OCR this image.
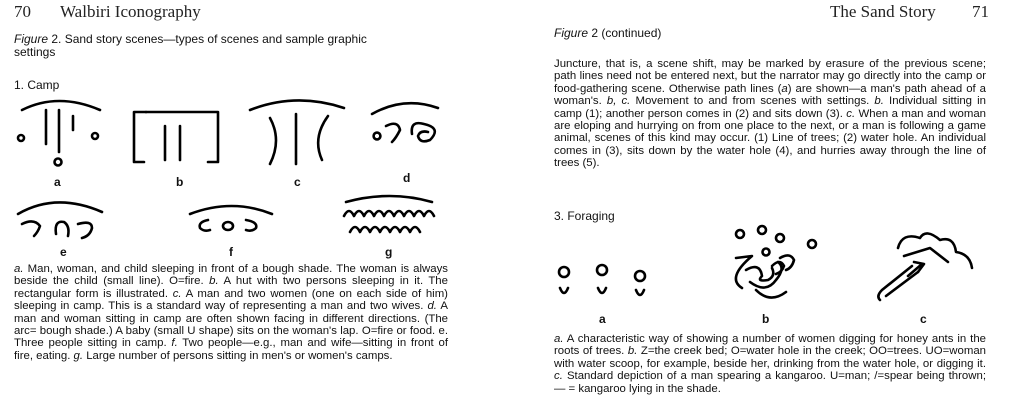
70 Walbiri Iconography
Figure 2. Sand story scenes—types of scenes and sample graphic settings
1. Camp
a	b	c	d
e	f	g

a. Man, woman, and child sleeping in front of a bough shade. The woman is always beside the child (small line). O=fire. b. A hut with two persons sleeping in it. The rectangular form is illustrated. c. A man and two women (one on each side of him) sleeping in camp. This is a standard way of representing a man and two wives. d. A man and woman sitting in camp are often shown facing in different directions. (The arc= bough shade.) A baby (small U shape) sits on the woman's lap. O=fire or food. e. Three people sitting in camp. f. Two people—e.g., man and wife—sitting in front of fire, eating. g. Large number of persons sitting in men's or women's camps.

The Sand Story 71
Figure 2 (continued)

Juncture, that is, a scene shift, may be marked by erasure of the previous scene; path lines need not be entered next, but the narrator may go directly into the camp or food-gathering scene. Otherwise path lines (a) are shown—a man's path ahead of a woman's. b, c. Movement to and from scenes with settings. b. Individual sitting in camp (1); another person comes in (2) and sits down (3). c. When a man and woman are eloping and hurrying on from one place to the next, or a man is following a game animal, scenes of this kind may occur. (1) Line of trees; (2) water hole. An individual comes in (3), sits down by the water hole (4), and hurries away through the line of trees (5).

3. Foraging
a	b	c

a. A characteristic way of showing a number of women digging for honey ants in the roots of trees. b. Z=the creek bed; O=water hole in the creek; OO=trees. UO=woman with water scoop, for example, beside her, drinking from the water hole, or digging it. c. Standard depiction of a man spearing a kangaroo. U=man; /=spear being thrown;— = kangaroo lying in the shade.
